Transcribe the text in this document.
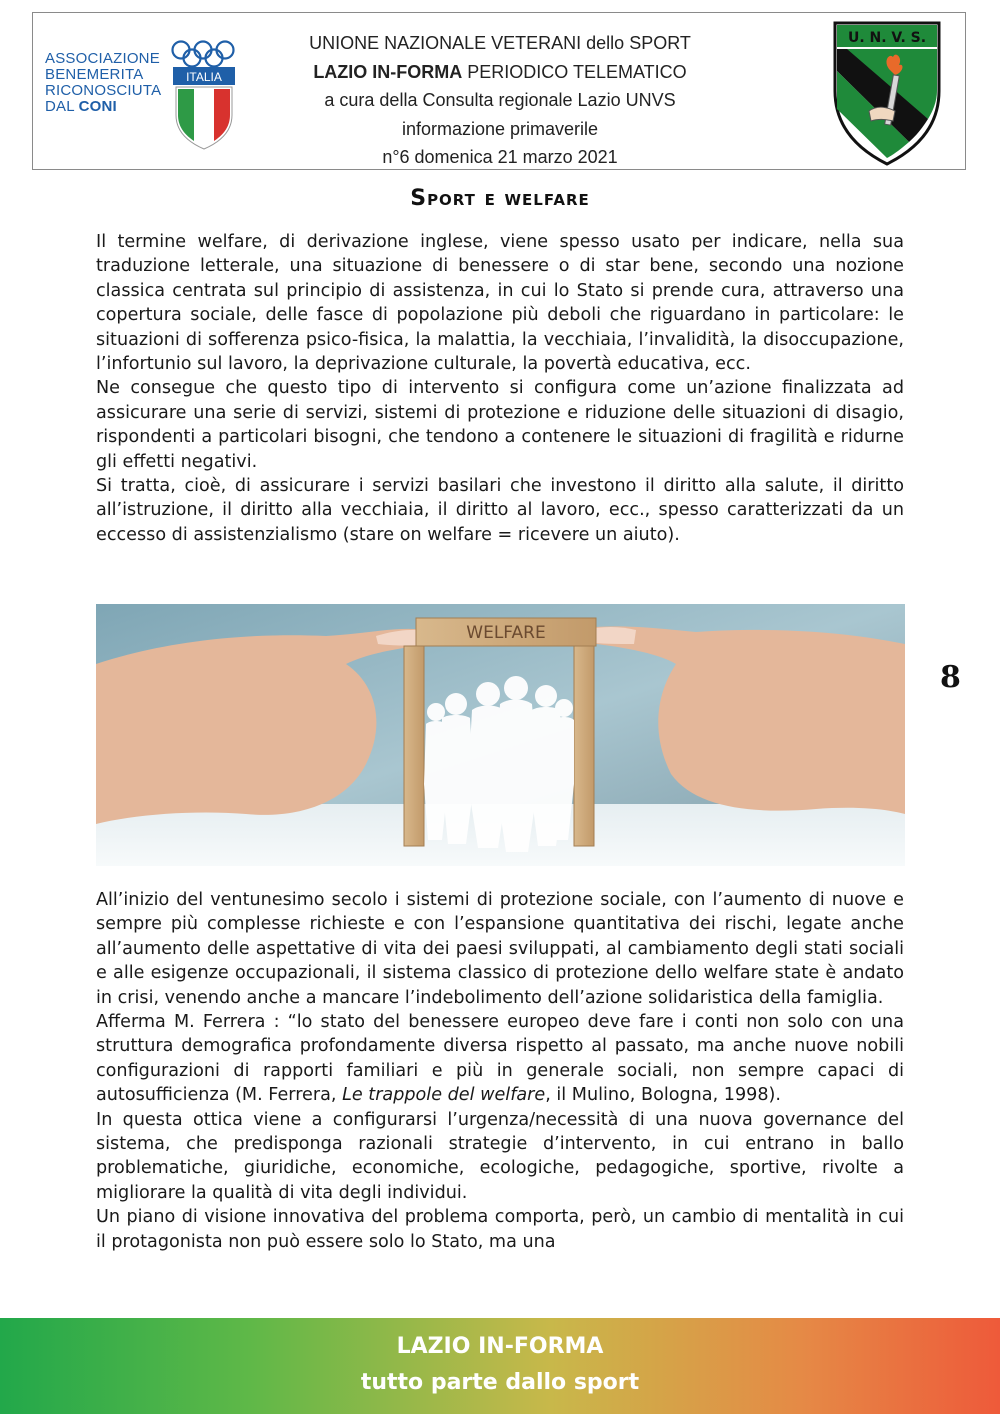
ASSOCIAZIONE
BENEMERITA
RICONOSCIUTA
DAL CONI
ITALIA
UNIONE NAZIONALE VETERANI dello SPORT
LAZIO IN-FORMA PERIODICO TELEMATICO
a cura della Consulta regionale Lazio UNVS
informazione primaverile
n°6 domenica 21 marzo 2021
U. N. V. S.
Sport e welfare

Il termine welfare, di derivazione inglese, viene spesso usato per indicare, nella sua traduzione letterale, una situazione di benessere o di star bene, secondo una nozione classica centrata sul principio di assistenza, in cui lo Stato si prende cura, attraverso una copertura sociale, delle fasce di popolazione più deboli che riguardano in particolare: le situazioni di sofferenza psico-fisica, la malattia, la vecchiaia, l’invalidità, la disoccupazione, l’infortunio sul lavoro, la deprivazione culturale, la povertà educativa, ecc.

Ne consegue che questo tipo di intervento si configura come un’azione finalizzata ad assicurare una serie di servizi, sistemi di protezione e riduzione delle situazioni di disagio, rispondenti a particolari bisogni, che tendono a contenere le situazioni di fragilità e ridurne gli effetti negativi.

Si tratta, cioè, di assicurare i servizi basilari che investono il diritto alla salute, il diritto all’istruzione, il diritto alla vecchiaia, il diritto al lavoro, ecc., spesso caratterizzati da un eccesso di assistenzialismo (stare on welfare = ricevere un aiuto).

WELFARE
8

All’inizio del ventunesimo secolo i sistemi di protezione sociale, con l’aumento di nuove e sempre più complesse richieste e con l’espansione quantitativa dei rischi, legate anche all’aumento delle aspettative di vita dei paesi sviluppati, al cambiamento degli stati sociali e alle esigenze occupazionali, il sistema classico di protezione dello welfare state è andato in crisi, venendo anche a mancare l’indebolimento dell’azione solidaristica della famiglia.

Afferma M. Ferrera : “lo stato del benessere europeo deve fare i conti non solo con una struttura demografica profondamente diversa rispetto al passato, ma anche nuove nobili configurazioni di rapporti familiari e più in generale sociali, non sempre capaci di autosufficienza (M. Ferrera, Le trappole del welfare, il Mulino, Bologna, 1998).

In questa ottica viene a configurarsi l’urgenza/necessità di una nuova governance del sistema, che predisponga razionali strategie d’intervento, in cui entrano in ballo problematiche, giuridiche, economiche, ecologiche, pedagogiche, sportive, rivolte a migliorare la qualità di vita degli individui.

Un piano di visione innovativa del problema comporta, però, un cambio di mentalità in cui il protagonista non può essere solo lo Stato, ma una

LAZIO IN-FORMA
tutto parte dallo sport
